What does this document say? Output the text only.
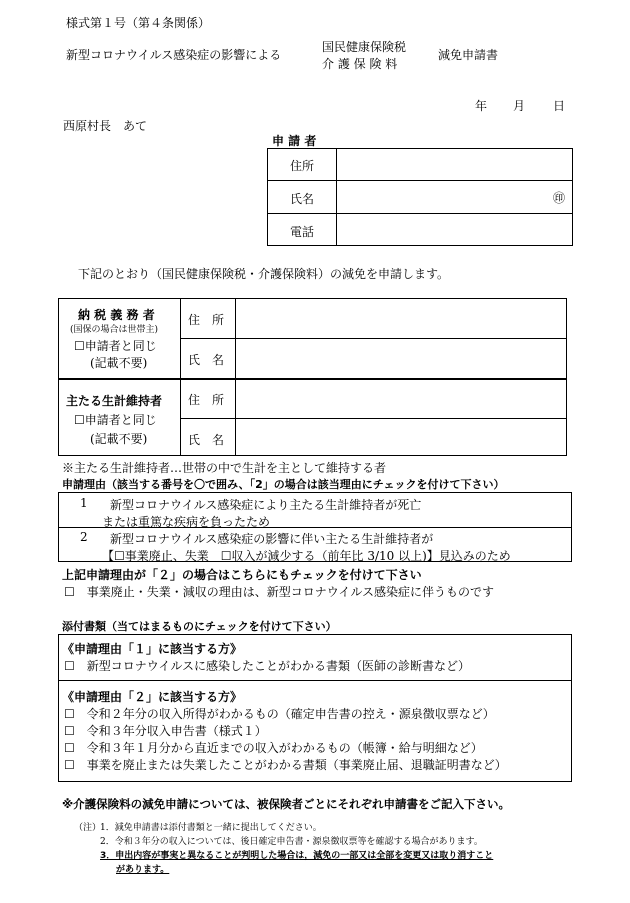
様式第１号（第４条関係）
新型コロナウイルス感染症の影響による
国民健康保険税
介 護 保 険 料
減免申請書
年 月 日
西原村長　あて
申 請 者
住所
氏名
電話
㊞
下記のとおり（国民健康保険税・介護保険料）の減免を申請します。
納 税 義 務 者
(国保の場合は世帯主)
☐申請者と同じ
(記載不要)
住　所
氏　名
主たる生計維持者
☐申請者と同じ
(記載不要)
住　所
氏　名
※主たる生計維持者…世帯の中で生計を主として維持する者
申請理由（該当する番号を〇で囲み、「2」の場合は該当理由にチェックを付けて下さい）
1 新型コロナウイルス感染症により主たる生計維持者が死亡
または重篤な疾病を負ったため
2 新型コロナウイルス感染症の影響に伴い主たる生計維持者が
【☐事業廃止、失業　☐収入が減少する（前年比 3/10 以上)】見込みのため
上記申請理由が「２」の場合はこちらにもチェックを付けて下さい
☐　事業廃止・失業・減収の理由は、新型コロナウイルス感染症に伴うものです
添付書類（当てはまるものにチェックを付けて下さい）
《申請理由「１」に該当する方》
☐　新型コロナウイルスに感染したことがわかる書類（医師の診断書など）
《申請理由「２」に該当する方》
☐　令和２年分の収入所得がわかるもの（確定申告書の控え・源泉徴収票など）
☐　令和３年分収入申告書（様式１）
☐　令和３年１月分から直近までの収入がわかるもの（帳簿・給与明細など）
☐　事業を廃止または失業したことがわかる書類（事業廃止届、退職証明書など）
※介護保険料の減免申請については、被保険者ごとにそれぞれ申請書をご記入下さい。
（注）
1．減免申請書は添付書類と一緒に提出してください。
2．令和３年分の収入については、後日確定申告書・源泉徴収票等を確認する場合があります。
3．申出内容が事実と異なることが判明した場合は，減免の一部又は全部を変更又は取り消すこと
があります。
